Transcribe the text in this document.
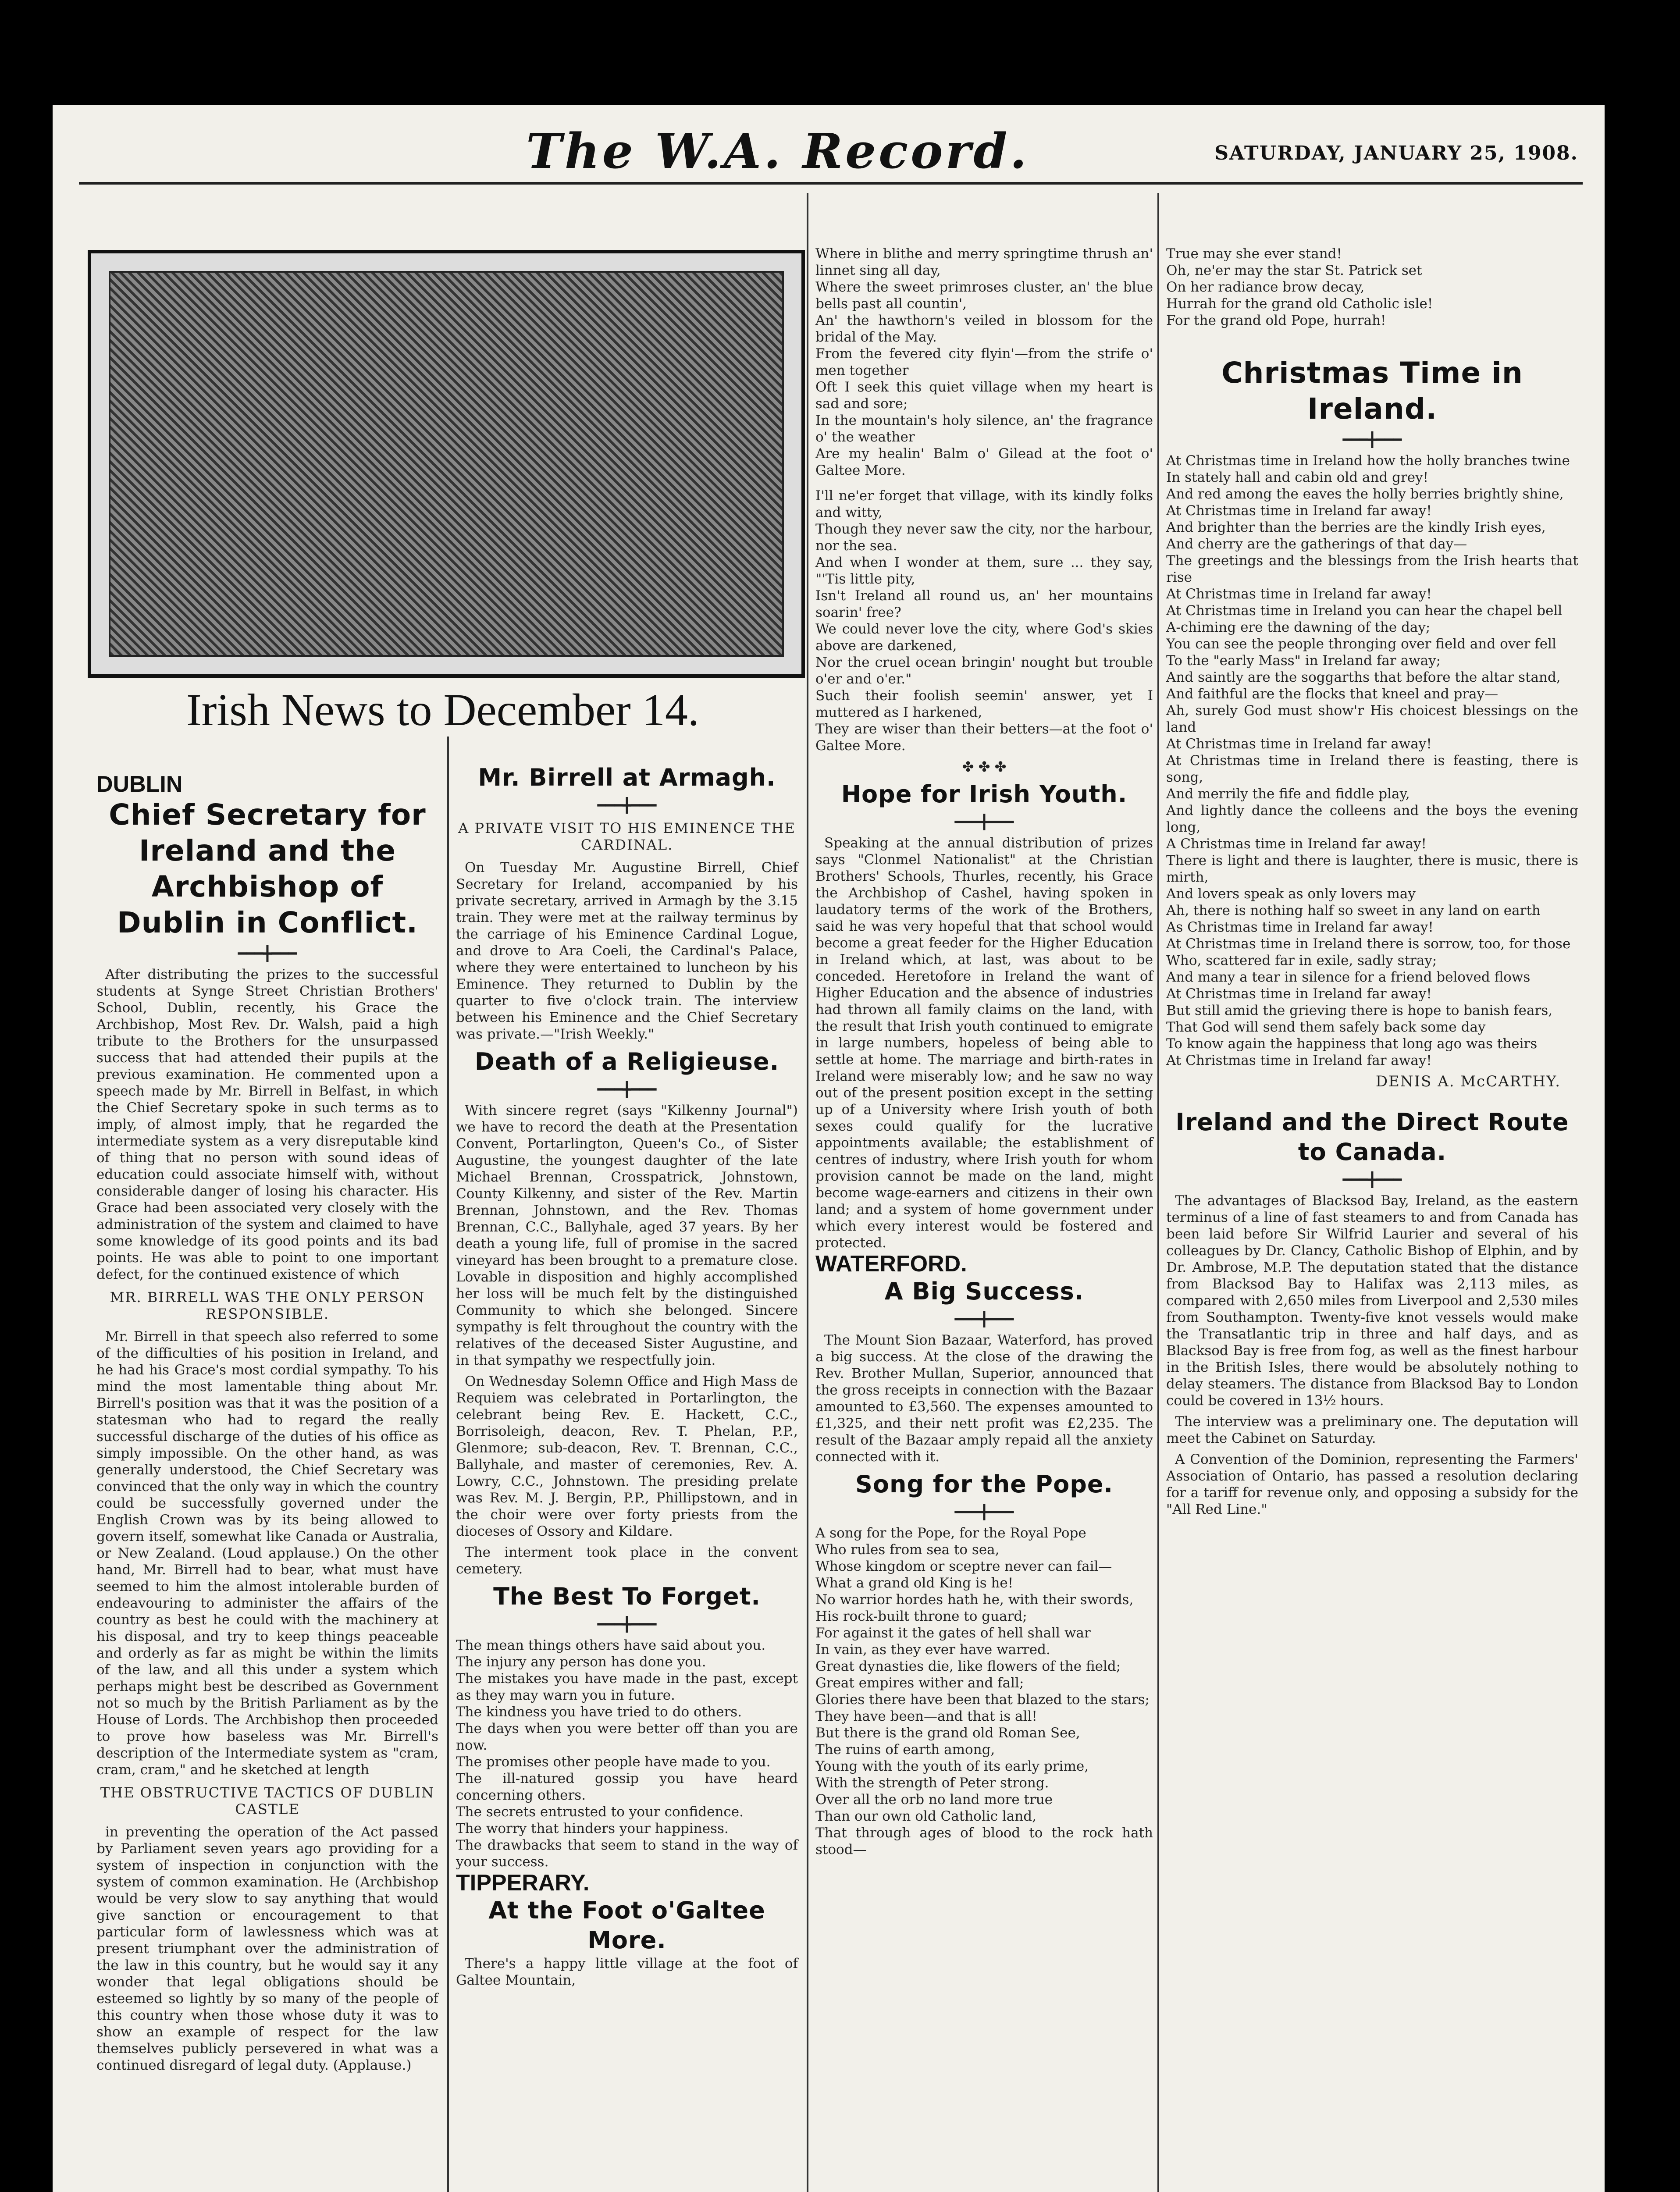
The W.A. Record.	SATURDAY, JANUARY 25, 1908.
Irish News to December 14.
DUBLIN
Chief Secretary for Ireland and the Archbishop of Dublin in Conflict.
━━━╋━━━

After distributing the prizes to the successful students at Synge Street Christian Brothers' School, Dublin, recently, his Grace the Archbishop, Most Rev. Dr. Walsh, paid a high tribute to the Brothers for the unsurpassed success that had attended their pupils at the previous examination. He commented upon a speech made by Mr. Birrell in Belfast, in which the Chief Secretary spoke in such terms as to imply, of almost imply, that he regarded the intermediate system as a very disreputable kind of thing that no person with sound ideas of education could associate himself with, without considerable danger of losing his character. His Grace had been associated very closely with the administration of the system and claimed to have some knowledge of its good points and its bad points. He was able to point to one important defect, for the continued existence of which

MR. BIRRELL WAS THE ONLY PERSON RESPONSIBLE.

Mr. Birrell in that speech also referred to some of the difficulties of his position in Ireland, and he had his Grace's most cordial sympathy. To his mind the most lamentable thing about Mr. Birrell's position was that it was the position of a statesman who had to regard the really successful discharge of the duties of his office as simply impossible. On the other hand, as was generally understood, the Chief Secretary was convinced that the only way in which the country could be successfully governed under the English Crown was by its being allowed to govern itself, somewhat like Canada or Australia, or New Zealand. (Loud applause.) On the other hand, Mr. Birrell had to bear, what must have seemed to him the almost intolerable burden of endeavouring to administer the affairs of the country as best he could with the machinery at his disposal, and try to keep things peaceable and orderly as far as might be within the limits of the law, and all this under a system which perhaps might best be described as Government not so much by the British Parliament as by the House of Lords. The Archbishop then proceeded to prove how baseless was Mr. Birrell's description of the Intermediate system as "cram, cram, cram," and he sketched at length

THE OBSTRUCTIVE TACTICS OF DUBLIN CASTLE

in preventing the operation of the Act passed by Parliament seven years ago providing for a system of inspection in conjunction with the system of common examination. He (Archbishop would be very slow to say anything that would give sanction or encouragement to that particular form of lawlessness which was at present triumphant over the administration of the law in this country, but he would say it any wonder that legal obligations should be esteemed so lightly by so many of the people of this country when those whose duty it was to show an example of respect for the law themselves publicly persevered in what was a continued disregard of legal duty. (Applause.)

Mr. Birrell at Armagh.
━━━╋━━━
A PRIVATE VISIT TO HIS EMINENCE THE CARDINAL.

On Tuesday Mr. Augustine Birrell, Chief Secretary for Ireland, accompanied by his private secretary, arrived in Armagh by the 3.15 train. They were met at the railway terminus by the carriage of his Eminence Cardinal Logue, and drove to Ara Coeli, the Cardinal's Palace, where they were entertained to luncheon by his Eminence. They returned to Dublin by the quarter to five o'clock train. The interview between his Eminence and the Chief Secretary was private.—"Irish Weekly."

Death of a Religieuse.
━━━╋━━━

With sincere regret (says "Kilkenny Journal") we have to record the death at the Presentation Convent, Portarlington, Queen's Co., of Sister Augustine, the youngest daughter of the late Michael Brennan, Crosspatrick, Johnstown, County Kilkenny, and sister of the Rev. Martin Brennan, Johnstown, and the Rev. Thomas Brennan, C.C., Ballyhale, aged 37 years. By her death a young life, full of promise in the sacred vineyard has been brought to a premature close. Lovable in disposition and highly accomplished her loss will be much felt by the distinguished Community to which she belonged. Sincere sympathy is felt throughout the country with the relatives of the deceased Sister Augustine, and in that sympathy we respectfully join.

On Wednesday Solemn Office and High Mass de Requiem was celebrated in Portarlington, the celebrant being Rev. E. Hackett, C.C., Borrisoleigh, deacon, Rev. T. Phelan, P.P., Glenmore; sub-deacon, Rev. T. Brennan, C.C., Ballyhale, and master of ceremonies, Rev. A. Lowry, C.C., Johnstown. The presiding prelate was Rev. M. J. Bergin, P.P., Phillipstown, and in the choir were over forty priests from the dioceses of Ossory and Kildare.

The interment took place in the convent cemetery.

The Best To Forget.
━━━╋━━━

The mean things others have said about you.

The injury any person has done you.

The mistakes you have made in the past, except as they may warn you in future.

The kindness you have tried to do others.

The days when you were better off than you are now.

The promises other people have made to you.

The ill-natured gossip you have heard concerning others.

The secrets entrusted to your confidence.

The worry that hinders your happiness.

The drawbacks that seem to stand in the way of your success.

TIPPERARY.
At the Foot o'Galtee More.

There's a happy little village at the foot of Galtee Mountain,

Where in blithe and merry springtime thrush an' linnet sing all day,

Where the sweet primroses cluster, an' the blue bells past all countin',

An' the hawthorn's veiled in blossom for the bridal of the May.

From the fevered city flyin'—from the strife o' men together

Oft I seek this quiet village when my heart is sad and sore;

In the mountain's holy silence, an' the fragrance o' the weather

Are my healin' Balm o' Gilead at the foot o' Galtee More.

I'll ne'er forget that village, with its kindly folks and witty,

Though they never saw the city, nor the harbour, nor the sea.

And when I wonder at them, sure ... they say, "'Tis little pity,

Isn't Ireland all round us, an' her mountains soarin' free?

We could never love the city, where God's skies above are darkened,

Nor the cruel ocean bringin' nought but trouble o'er and o'er."

Such their foolish seemin' answer, yet I muttered as I harkened,

They are wiser than their betters—at the foot o' Galtee More.

✤ ✤ ✤
Hope for Irish Youth.
━━━╋━━━

Speaking at the annual distribution of prizes says "Clonmel Nationalist" at the Christian Brothers' Schools, Thurles, recently, his Grace the Archbishop of Cashel, having spoken in laudatory terms of the work of the Brothers, said he was very hopeful that that school would become a great feeder for the Higher Education in Ireland which, at last, was about to be conceded. Heretofore in Ireland the want of Higher Education and the absence of industries had thrown all family claims on the land, with the result that Irish youth continued to emigrate in large numbers, hopeless of being able to settle at home. The marriage and birth-rates in Ireland were miserably low; and he saw no way out of the present position except in the setting up of a University where Irish youth of both sexes could qualify for the lucrative appointments available; the establishment of centres of industry, where Irish youth for whom provision cannot be made on the land, might become wage-earners and citizens in their own land; and a system of home government under which every interest would be fostered and protected.

WATERFORD.
A Big Success.
━━━╋━━━

The Mount Sion Bazaar, Waterford, has proved a big success. At the close of the drawing the Rev. Brother Mullan, Superior, announced that the gross receipts in connection with the Bazaar amounted to £3,560. The expenses amounted to £1,325, and their nett profit was £2,235. The result of the Bazaar amply repaid all the anxiety connected with it.

Song for the Pope.
━━━╋━━━

A song for the Pope, for the Royal Pope

Who rules from sea to sea,

Whose kingdom or sceptre never can fail—

What a grand old King is he!

No warrior hordes hath he, with their swords,

His rock-built throne to guard;

For against it the gates of hell shall war

In vain, as they ever have warred.

Great dynasties die, like flowers of the field;

Great empires wither and fall;

Glories there have been that blazed to the stars;

They have been—and that is all!

But there is the grand old Roman See,

The ruins of earth among,

Young with the youth of its early prime,

With the strength of Peter strong.

Over all the orb no land more true

Than our own old Catholic land,

That through ages of blood to the rock hath stood—

True may she ever stand!

Oh, ne'er may the star St. Patrick set

On her radiance brow decay,

Hurrah for the grand old Catholic isle!

For the grand old Pope, hurrah!

Christmas Time in Ireland.
━━━╋━━━

At Christmas time in Ireland how the holly branches twine

In stately hall and cabin old and grey!

And red among the eaves the holly berries brightly shine,

At Christmas time in Ireland far away!

And brighter than the berries are the kindly Irish eyes,

And cherry are the gatherings of that day—

The greetings and the blessings from the Irish hearts that rise

At Christmas time in Ireland far away!

At Christmas time in Ireland you can hear the chapel bell

A-chiming ere the dawning of the day;

You can see the people thronging over field and over fell

To the "early Mass" in Ireland far away;

And saintly are the soggarths that before the altar stand,

And faithful are the flocks that kneel and pray—

Ah, surely God must show'r His choicest blessings on the land

At Christmas time in Ireland far away!

At Christmas time in Ireland there is feasting, there is song,

And merrily the fife and fiddle play,

And lightly dance the colleens and the boys the evening long,

A Christmas time in Ireland far away!

There is light and there is laughter, there is music, there is mirth,

And lovers speak as only lovers may

Ah, there is nothing half so sweet in any land on earth

As Christmas time in Ireland far away!

At Christmas time in Ireland there is sorrow, too, for those

Who, scattered far in exile, sadly stray;

And many a tear in silence for a friend beloved flows

At Christmas time in Ireland far away!

But still amid the grieving there is hope to banish fears,

That God will send them safely back some day

To know again the happiness that long ago was theirs

At Christmas time in Ireland far away!

DENIS A. McCARTHY.
Ireland and the Direct Route to Canada.
━━━╋━━━

The advantages of Blacksod Bay, Ireland, as the eastern terminus of a line of fast steamers to and from Canada has been laid before Sir Wilfrid Laurier and several of his colleagues by Dr. Clancy, Catholic Bishop of Elphin, and by Dr. Ambrose, M.P. The deputation stated that the distance from Blacksod Bay to Halifax was 2,113 miles, as compared with 2,650 miles from Liverpool and 2,530 miles from Southampton. Twenty-five knot vessels would make the Transatlantic trip in three and half days, and as Blacksod Bay is free from fog, as well as the finest harbour in the British Isles, there would be absolutely nothing to delay steamers. The distance from Blacksod Bay to London could be covered in 13½ hours.

The interview was a preliminary one. The deputation will meet the Cabinet on Saturday.

A Convention of the Dominion, representing the Farmers' Association of Ontario, has passed a resolution declaring for a tariff for revenue only, and opposing a subsidy for the "All Red Line."
